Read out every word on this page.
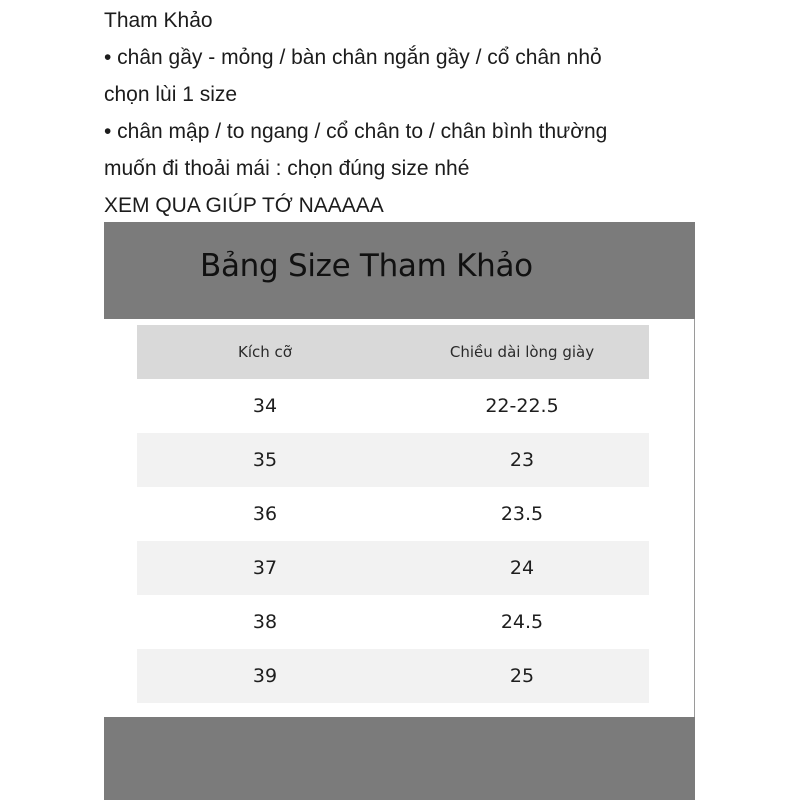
Tham Khảo
• chân gầy - mỏng / bàn chân ngắn gầy / cổ chân nhỏ
chọn lùi 1 size
• chân mập / to ngang / cổ chân to / chân bình thường
muốn đi thoải mái : chọn đúng size nhé
XEM QUA GIÚP TỚ NAAAAA
Bảng Size Tham Khảo
Kích cỡ	Chiều dài lòng giày
34	22-22.5
35	23
36	23.5
37	24
38	24.5
39	25
